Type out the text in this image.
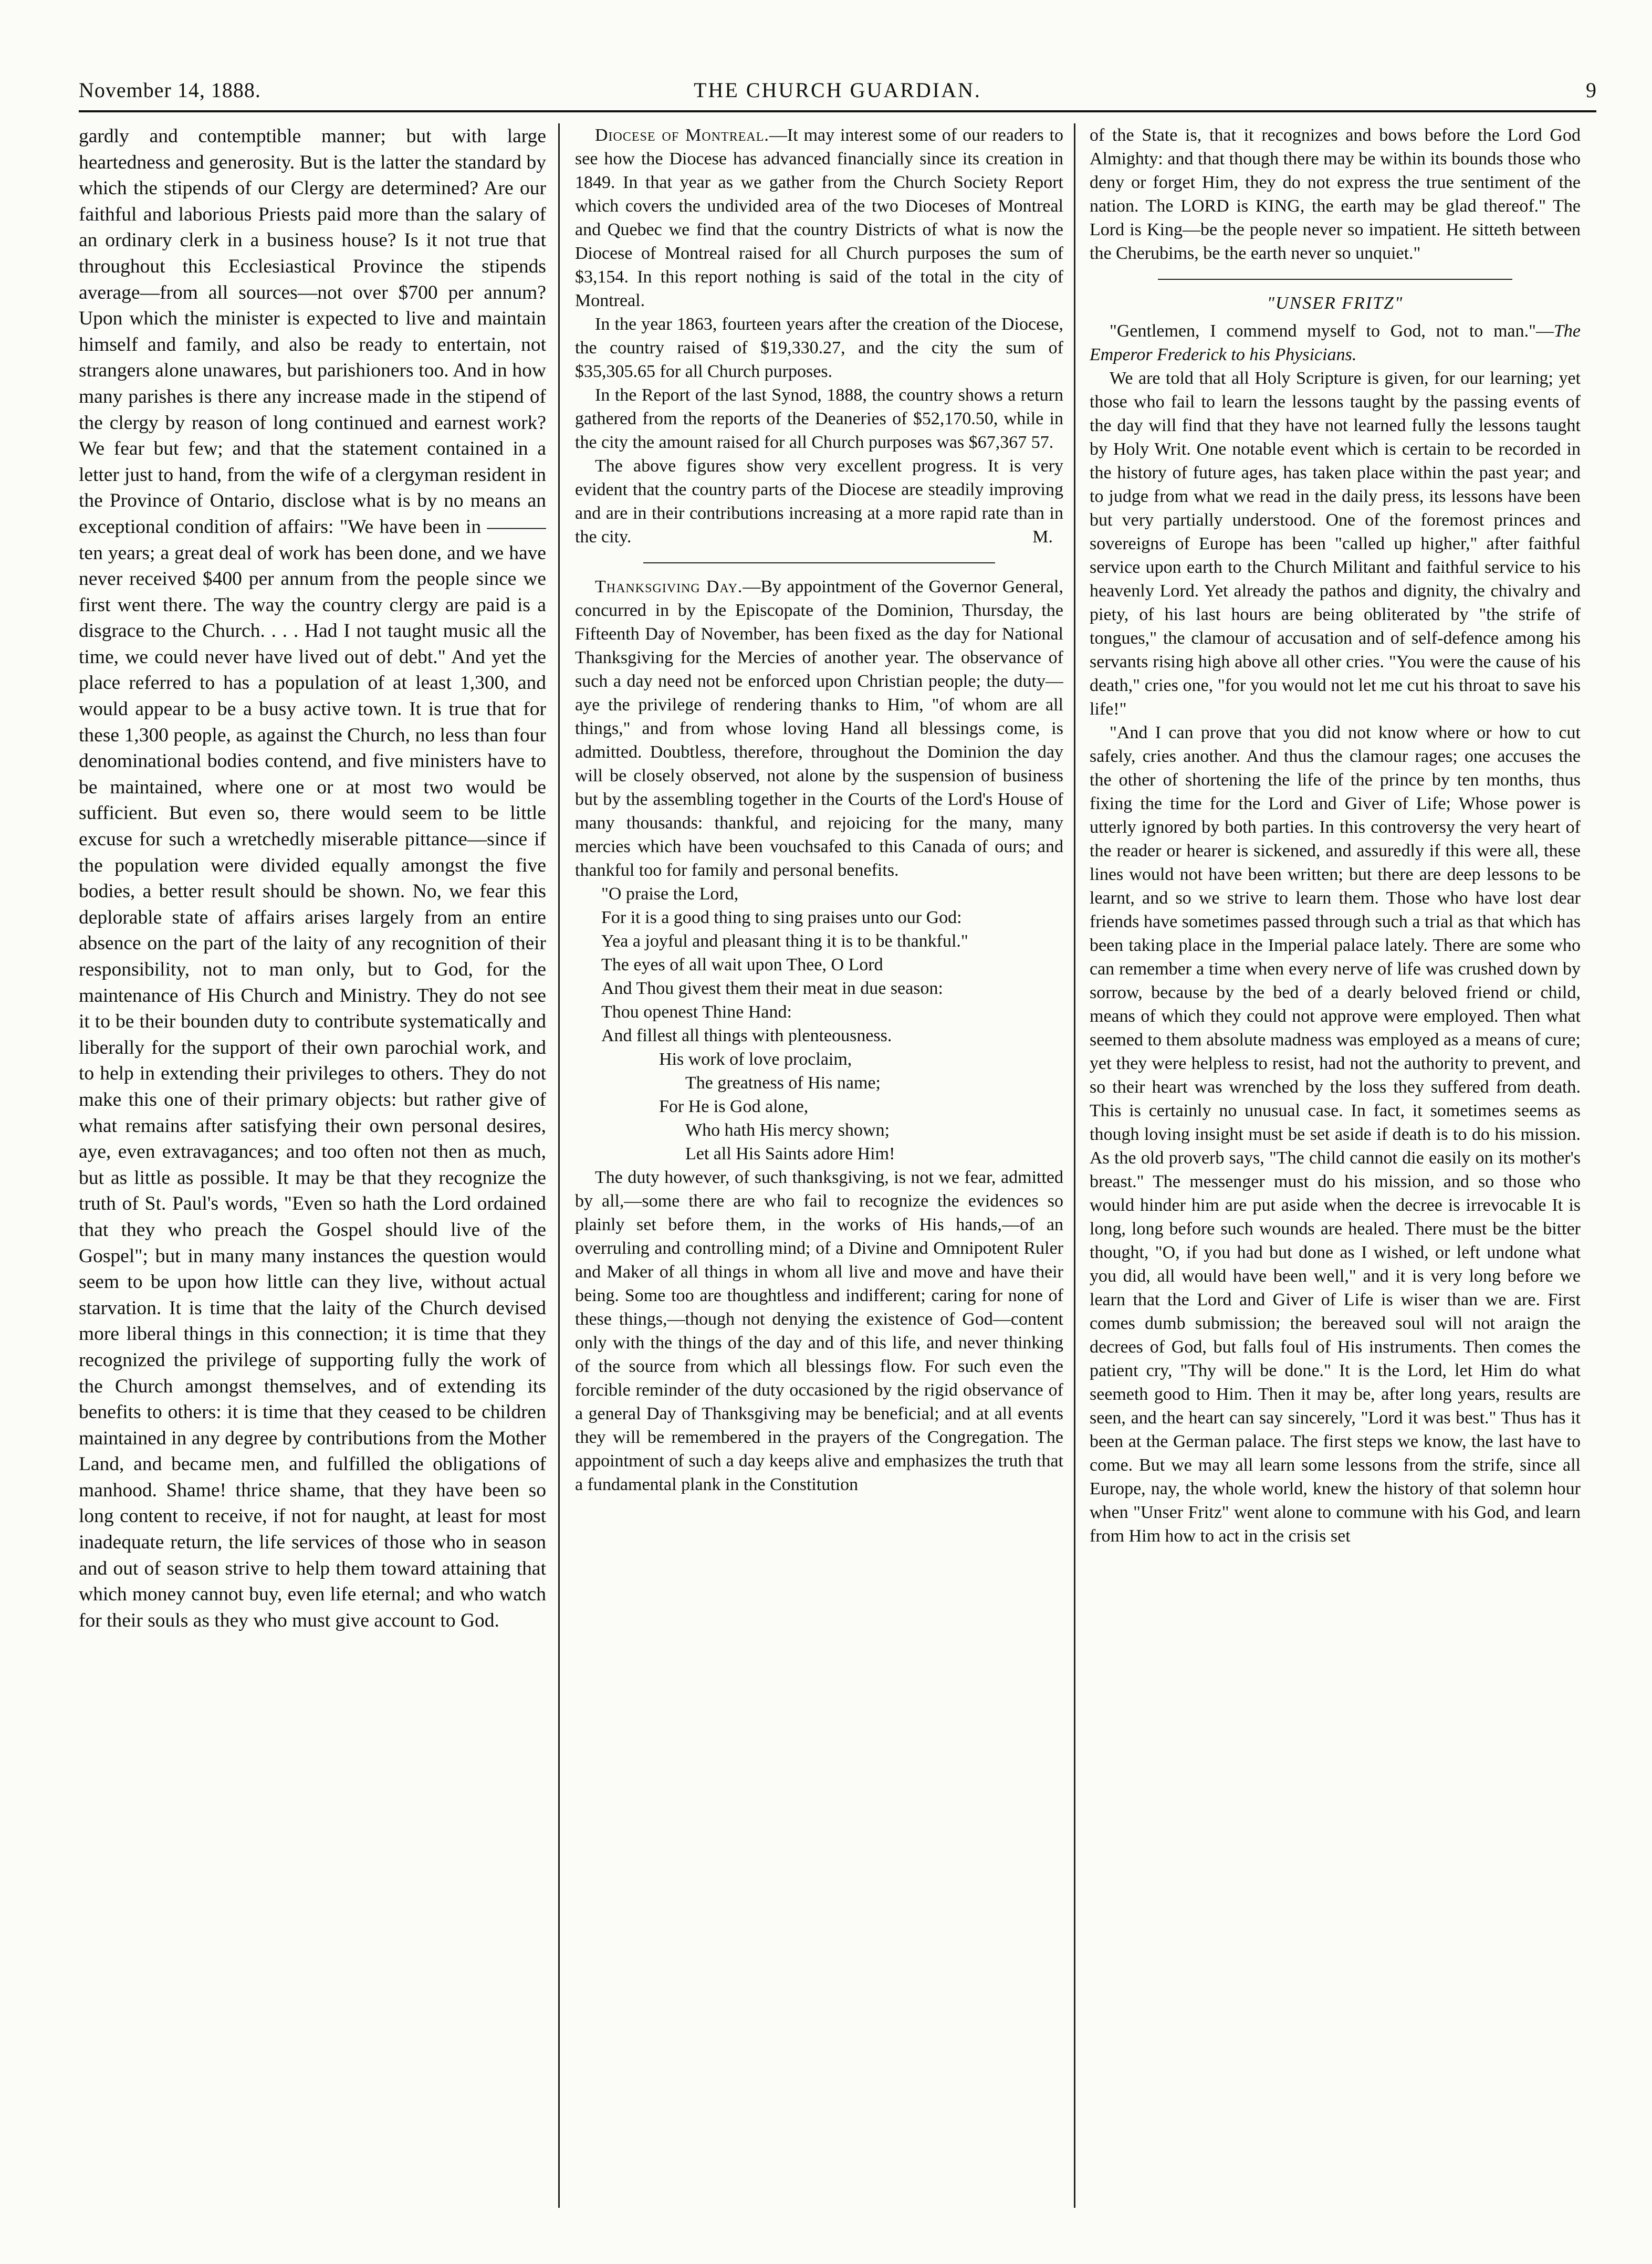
November 14, 1888.	THE CHURCH GUARDIAN.	9

gardly and contemptible manner; but with large heartedness and generosity. But is the latter the standard by which the stipends of our Clergy are determined? Are our faithful and laborious Priests paid more than the salary of an ordinary clerk in a business house? Is it not true that throughout this Ecclesiastical Province the stipends average—from all sources—not over $700 per annum? Upon which the minister is expected to live and maintain himself and family, and also be ready to entertain, not strangers alone unawares, but parishioners too. And in how many parishes is there any increase made in the stipend of the clergy by reason of long continued and earnest work? We fear but few; and that the statement contained in a letter just to hand, from the wife of a clergyman resident in the Province of Ontario, disclose what is by no means an exceptional condition of affairs: "We have been in ——— ten years; a great deal of work has been done, and we have never received $400 per annum from the people since we first went there. The way the country clergy are paid is a disgrace to the Church. . . . Had I not taught music all the time, we could never have lived out of debt." And yet the place referred to has a population of at least 1,300, and would appear to be a busy active town. It is true that for these 1,300 people, as against the Church, no less than four denominational bodies contend, and five ministers have to be maintained, where one or at most two would be sufficient. But even so, there would seem to be little excuse for such a wretchedly miserable pittance—since if the population were divided equally amongst the five bodies, a better result should be shown. No, we fear this deplorable state of affairs arises largely from an entire absence on the part of the laity of any recognition of their responsibility, not to man only, but to God, for the maintenance of His Church and Ministry. They do not see it to be their bounden duty to contribute systematically and liberally for the support of their own parochial work, and to help in extending their privileges to others. They do not make this one of their primary objects: but rather give of what remains after satisfying their own personal desires, aye, even extravagances; and too often not then as much, but as little as possible. It may be that they recognize the truth of St. Paul's words, "Even so hath the Lord ordained that they who preach the Gospel should live of the Gospel"; but in many many instances the question would seem to be upon how little can they live, without actual starvation. It is time that the laity of the Church devised more liberal things in this connection; it is time that they recognized the privilege of supporting fully the work of the Church amongst themselves, and of extending its benefits to others: it is time that they ceased to be children maintained in any degree by contributions from the Mother Land, and became men, and fulfilled the obligations of manhood. Shame! thrice shame, that they have been so long content to receive, if not for naught, at least for most inadequate return, the life services of those who in season and out of season strive to help them toward attaining that which money cannot buy, even life eternal; and who watch for their souls as they who must give account to God.

Diocese of Montreal.—It may interest some of our readers to see how the Diocese has advanced financially since its creation in 1849. In that year as we gather from the Church Society Report which covers the undivided area of the two Dioceses of Montreal and Quebec we find that the country Districts of what is now the Diocese of Montreal raised for all Church purposes the sum of $3,154. In this report nothing is said of the total in the city of Montreal.

In the year 1863, fourteen years after the creation of the Diocese, the country raised of $19,330.27, and the city the sum of $35,305.65 for all Church purposes.

In the Report of the last Synod, 1888, the country shows a return gathered from the reports of the Deaneries of $52,170.50, while in the city the amount raised for all Church purposes was $67,367 57.

The above figures show very excellent progress. It is very evident that the country parts of the Diocese are steadily improving and are in their contributions increasing at a more rapid rate than in the city.	M.

Thanksgiving Day.—By appointment of the Governor General, concurred in by the Episcopate of the Dominion, Thursday, the Fifteenth Day of November, has been fixed as the day for National Thanksgiving for the Mercies of another year. The observance of such a day need not be enforced upon Christian people; the duty—aye the privilege of rendering thanks to Him, "of whom are all things," and from whose loving Hand all blessings come, is admitted. Doubtless, therefore, throughout the Dominion the day will be closely observed, not alone by the suspension of business but by the assembling together in the Courts of the Lord's House of many thousands: thankful, and rejoicing for the many, many mercies which have been vouchsafed to this Canada of ours; and thankful too for family and personal benefits.

"O praise the Lord,

For it is a good thing to sing praises unto our God:

Yea a joyful and pleasant thing it is to be thankful."

The eyes of all wait upon Thee, O Lord

And Thou givest them their meat in due season:

Thou openest Thine Hand:

And fillest all things with plenteousness.

His work of love proclaim,

The greatness of His name;

For He is God alone,

Who hath His mercy shown;

Let all His Saints adore Him!

The duty however, of such thanksgiving, is not we fear, admitted by all,—some there are who fail to recognize the evidences so plainly set before them, in the works of His hands,—of an overruling and controlling mind; of a Divine and Omnipotent Ruler and Maker of all things in whom all live and move and have their being. Some too are thoughtless and indifferent; caring for none of these things,—though not denying the existence of God—content only with the things of the day and of this life, and never thinking of the source from which all blessings flow. For such even the forcible reminder of the duty occasioned by the rigid observance of a general Day of Thanksgiving may be beneficial; and at all events they will be remembered in the prayers of the Congregation. The appointment of such a day keeps alive and emphasizes the truth that a fundamental plank in the Constitution

of the State is, that it recognizes and bows before the Lord God Almighty: and that though there may be within its bounds those who deny or forget Him, they do not express the true sentiment of the nation. The LORD is KING, the earth may be glad thereof." The Lord is King—be the people never so impatient. He sitteth between the Cherubims, be the earth never so unquiet."

"UNSER FRITZ"

"Gentlemen, I commend myself to God, not to man."—The Emperor Frederick to his Physicians.

We are told that all Holy Scripture is given, for our learning; yet those who fail to learn the lessons taught by the passing events of the day will find that they have not learned fully the lessons taught by Holy Writ. One notable event which is certain to be recorded in the history of future ages, has taken place within the past year; and to judge from what we read in the daily press, its lessons have been but very partially understood. One of the foremost princes and sovereigns of Europe has been "called up higher," after faithful service upon earth to the Church Militant and faithful service to his heavenly Lord. Yet already the pathos and dignity, the chivalry and piety, of his last hours are being obliterated by "the strife of tongues," the clamour of accusation and of self-defence among his servants rising high above all other cries. "You were the cause of his death," cries one, "for you would not let me cut his throat to save his life!"

"And I can prove that you did not know where or how to cut safely, cries another. And thus the clamour rages; one accuses the the other of shortening the life of the prince by ten months, thus fixing the time for the Lord and Giver of Life; Whose power is utterly ignored by both parties. In this controversy the very heart of the reader or hearer is sickened, and assuredly if this were all, these lines would not have been written; but there are deep lessons to be learnt, and so we strive to learn them. Those who have lost dear friends have sometimes passed through such a trial as that which has been taking place in the Imperial palace lately. There are some who can remember a time when every nerve of life was crushed down by sorrow, because by the bed of a dearly beloved friend or child, means of which they could not approve were employed. Then what seemed to them absolute madness was employed as a means of cure; yet they were helpless to resist, had not the authority to prevent, and so their heart was wrenched by the loss they suffered from death. This is certainly no unusual case. In fact, it sometimes seems as though loving insight must be set aside if death is to do his mission. As the old proverb says, "The child cannot die easily on its mother's breast." The messenger must do his mission, and so those who would hinder him are put aside when the decree is irrevocable It is long, long before such wounds are healed. There must be the bitter thought, "O, if you had but done as I wished, or left undone what you did, all would have been well," and it is very long before we learn that the Lord and Giver of Life is wiser than we are. First comes dumb submission; the bereaved soul will not araign the decrees of God, but falls foul of His instruments. Then comes the patient cry, "Thy will be done." It is the Lord, let Him do what seemeth good to Him. Then it may be, after long years, results are seen, and the heart can say sincerely, "Lord it was best." Thus has it been at the German palace. The first steps we know, the last have to come. But we may all learn some lessons from the strife, since all Europe, nay, the whole world, knew the history of that solemn hour when "Unser Fritz" went alone to commune with his God, and learn from Him how to act in the crisis set
